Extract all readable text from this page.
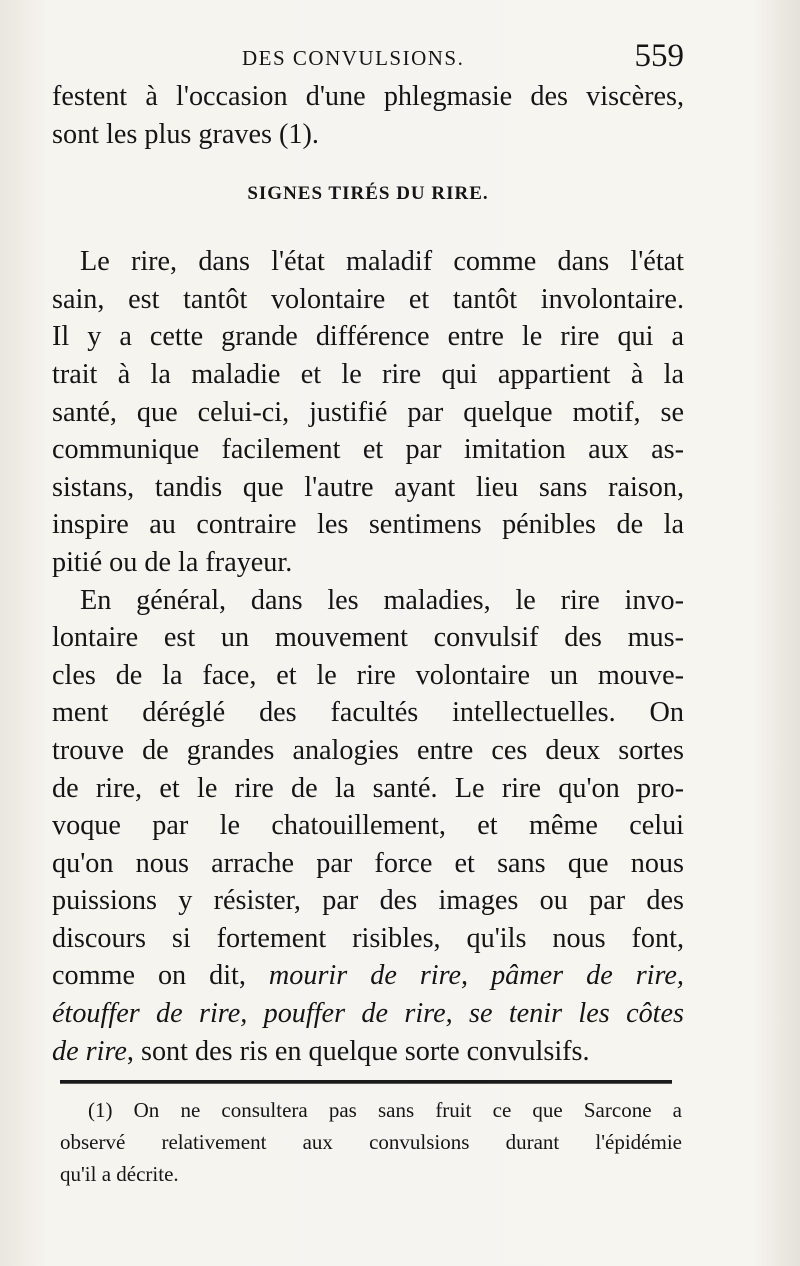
DES CONVULSIONS.	559
festent à l'occasion d'une phlegmasie des viscères,
sont les plus graves (1).
SIGNES TIRÉS DU RIRE.
Le rire, dans l'état maladif comme dans l'état
sain, est tantôt volontaire et tantôt involontaire.
Il y a cette grande différence entre le rire qui a
trait à la maladie et le rire qui appartient à la
santé, que celui-ci, justifié par quelque motif, se
communique facilement et par imitation aux as-
sistans, tandis que l'autre ayant lieu sans raison,
inspire au contraire les sentimens pénibles de la
pitié ou de la frayeur.
En général, dans les maladies, le rire invo-
lontaire est un mouvement convulsif des mus-
cles de la face, et le rire volontaire un mouve-
ment déréglé des facultés intellectuelles. On
trouve de grandes analogies entre ces deux sortes
de rire, et le rire de la santé. Le rire qu'on pro-
voque par le chatouillement, et même celui
qu'on nous arrache par force et sans que nous
puissions y résister, par des images ou par des
discours si fortement risibles, qu'ils nous font,
comme on dit, mourir de rire, pâmer de rire,
étouffer de rire, pouffer de rire, se tenir les côtes
de rire, sont des ris en quelque sorte convulsifs.
(1) On ne consultera pas sans fruit ce que Sarcone a
observé relativement aux convulsions durant l'épidémie
qu'il a décrite.
